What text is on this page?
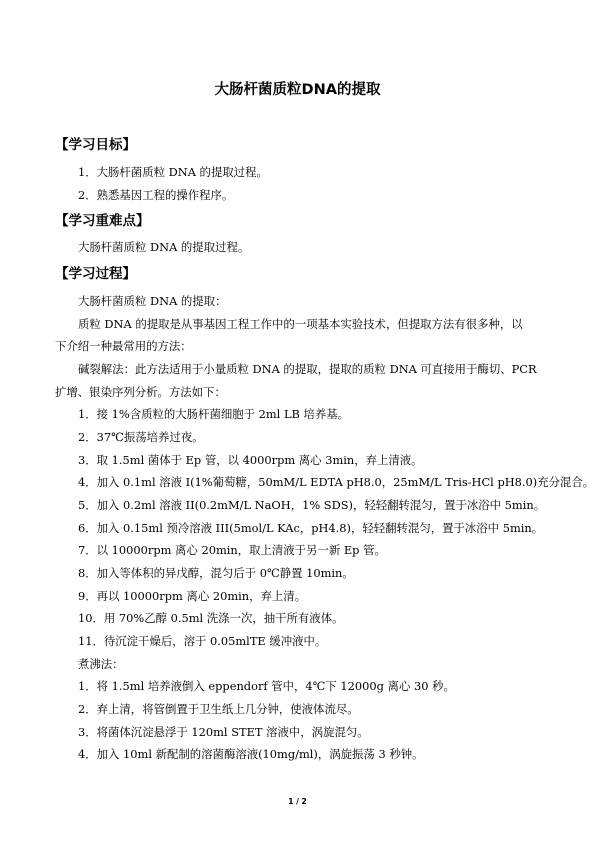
大肠杆菌质粒DNA的提取
【学习目标】
1．大肠杆菌质粒 DNA 的提取过程。
2．熟悉基因工程的操作程序。
【学习重难点】
大肠杆菌质粒 DNA 的提取过程。
【学习过程】
大肠杆菌质粒 DNA 的提取：
质粒 DNA 的提取是从事基因工程工作中的一项基本实验技术，但提取方法有很多种，以
下介绍一种最常用的方法：
碱裂解法：此方法适用于小量质粒 DNA 的提取，提取的质粒 DNA 可直接用于酶切、PCR
扩增、银染序列分析。方法如下：
1．接 1%含质粒的大肠杆菌细胞于 2ml LB 培养基。
2．37℃振荡培养过夜。
3．取 1.5ml 菌体于 Ep 管，以 4000rpm 离心 3min，弃上清液。
4．加入 0.1ml 溶液 I(1%葡萄糖，50mM/L EDTA pH8.0，25mM/L Tris-HCl pH8.0)充分混合。
5．加入 0.2ml 溶液 II(0.2mM/L NaOH，1% SDS)，轻轻翻转混匀，置于冰浴中 5min。
6．加入 0.15ml 预冷溶液 III(5mol/L KAc，pH4.8)，轻轻翻转混匀，置于冰浴中 5min。
7．以 10000rpm 离心 20min，取上清液于另一新 Ep 管。
8．加入等体积的异戊醇，混匀后于 0℃静置 10min。
9．再以 10000rpm 离心 20min，弃上清。
10．用 70%乙醇 0.5ml 洗涤一次，抽干所有液体。
11．待沉淀干燥后，溶于 0.05mlTE 缓冲液中。
煮沸法：
1．将 1.5ml 培养液倒入 eppendorf 管中，4℃下 12000g 离心 30 秒。
2．弃上清，将管倒置于卫生纸上几分钟，使液体流尽。
3．将菌体沉淀悬浮于 120ml STET 溶液中，涡旋混匀。
4．加入 10ml 新配制的溶菌酶溶液(10mg/ml)，涡旋振荡 3 秒钟。
1 / 2
